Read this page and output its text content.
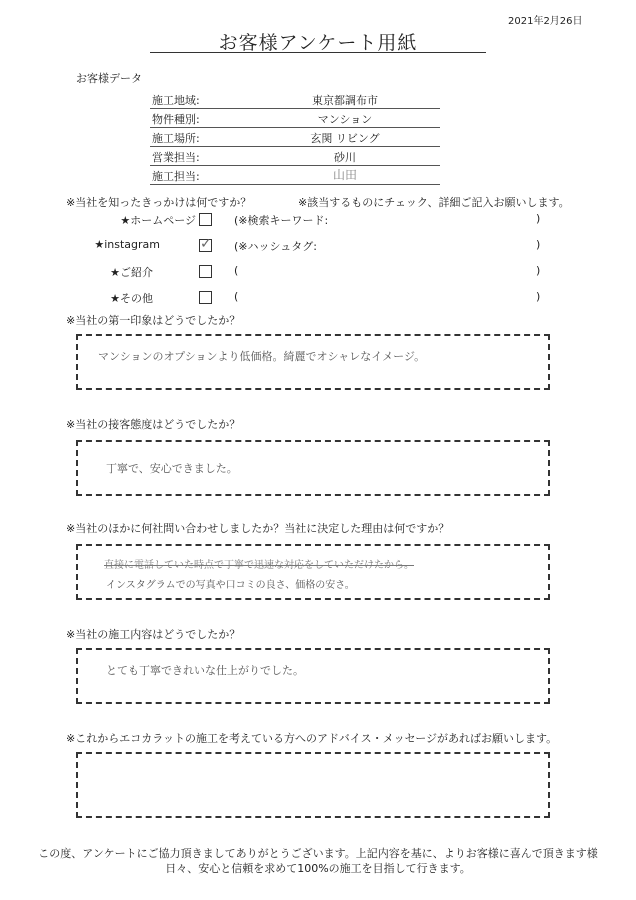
2021年2月26日
お客様アンケート用紙
お客様データ
施工地域:	東京都調布市
物件種別:	マンション
施工場所:	玄関 リビング
営業担当:	砂川
施工担当:	山田
※当社を知ったきっかけは何ですか？	※該当するものにチェック、詳細ご記入お願いします。
★ホームページ	(※検索キーワード:	)
★instagram	✓ (※ハッシュタグ:	)
★ご紹介	(	)
★その他	(	)
※当社の第一印象はどうでしたか？
マンションのオプションより低価格。綺麗でオシャレなイメージ。
※当社の接客態度はどうでしたか？
丁寧で、安心できました。
※当社のほかに何社問い合わせしましたか？当社に決定した理由は何ですか？
直接に電話していた時点で丁寧で迅速な対応をしていただけたから。
インスタグラムでの写真や口コミの良さ、価格の安さ。
※当社の施工内容はどうでしたか？
とても丁寧できれいな仕上がりでした。
※これからエコカラットの施工を考えている方へのアドバイス・メッセージがあればお願いします。
この度、アンケートにご協力頂きましてありがとうございます。上記内容を基に、よりお客様に喜んで頂きます様
日々、安心と信頼を求めて100%の施工を目指して行きます。
